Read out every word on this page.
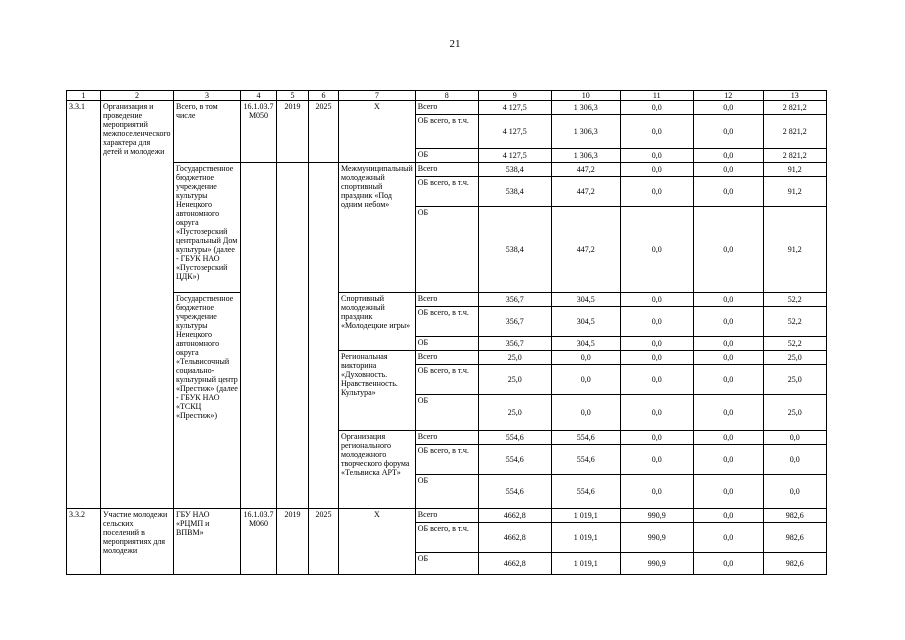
21
1	2	3	4	5	6	7	8	9	10	11	12	13
3.3.1	Организация и проведение мероприятий межпоселенческого характера для детей и молодежи	Всего, в том числе	16.1.03.7 М050	2019	2025	Х	Всего	4 127,5	1 306,3	0,0	0,0	2 821,2
							ОБ всего, в т.ч.	4 127,5	1 306,3	0,0	0,0	2 821,2
							ОБ	4 127,5	1 306,3	0,0	0,0	2 821,2
		Государственное бюджетное учреждение культуры Ненецкого автономного округа «Пустозерский центральный Дом культуры» (далее - ГБУК НАО «Пустозерский ЦДК»)				Межмуниципальный молодежный спортивный праздник «Под одним небом»	Всего	538,4	447,2	0,0	0,0	91,2
							ОБ всего, в т.ч.	538,4	447,2	0,0	0,0	91,2
							ОБ	538,4	447,2	0,0	0,0	91,2
		Государственное бюджетное учреждение культуры Ненецкого автономного округа «Тельвисочный социально-культурный центр «Престиж» (далее - ГБУК НАО «ТСКЦ «Престиж»)				Спортивный молодежный праздник «Молодецкие игры»	Всего	356,7	304,5	0,0	0,0	52,2
							ОБ всего, в т.ч.	356,7	304,5	0,0	0,0	52,2
							ОБ	356,7	304,5	0,0	0,0	52,2
						Региональная викторина «Духовность. Нравственность. Культура»	Всего	25,0	0,0	0,0	0,0	25,0
							ОБ всего, в т.ч.	25,0	0,0	0,0	0,0	25,0
							ОБ	25,0	0,0	0,0	0,0	25,0
						Организация регионального молодежного творческого форума «Тельвиска АРТ»	Всего	554,6	554,6	0,0	0,0	0,0
							ОБ всего, в т.ч.	554,6	554,6	0,0	0,0	0,0
							ОБ	554,6	554,6	0,0	0,0	0,0
3.3.2	Участие молодежи сельских поселений в мероприятиях для молодежи	ГБУ НАО «РЦМП и ВПВМ»	16.1.03.7 М060	2019	2025	Х	Всего	4662,8	1 019,1	990,9	0,0	982,6
							ОБ всего, в т.ч.	4662,8	1 019,1	990,9	0,0	982,6
							ОБ	4662,8	1 019,1	990,9	0,0	982,6
